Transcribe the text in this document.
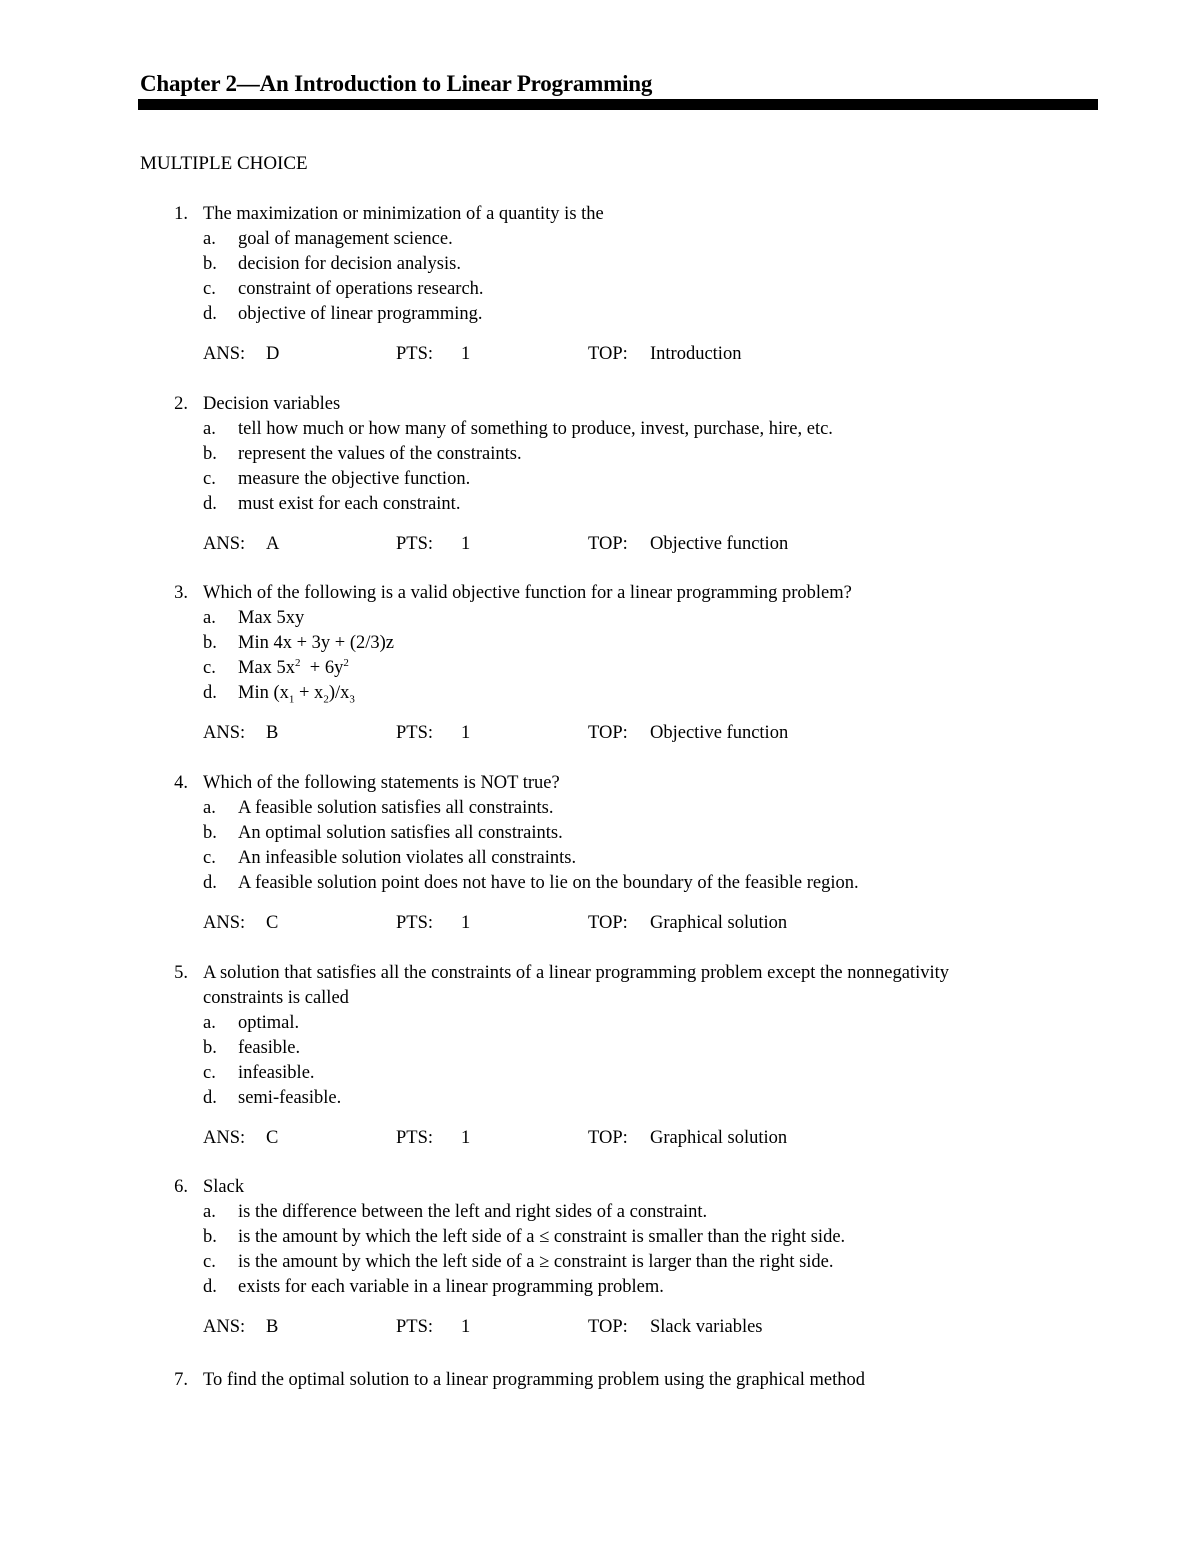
Chapter 2—An Introduction to Linear Programming
MULTIPLE CHOICE
1. The maximization or minimization of a quantity is the
a. goal of management science.
b. decision for decision analysis.
c. constraint of operations research.
d. objective of linear programming.
ANS: D	PTS: 1	TOP: Introduction
2. Decision variables
a. tell how much or how many of something to produce, invest, purchase, hire, etc.
b. represent the values of the constraints.
c. measure the objective function.
d. must exist for each constraint.
ANS: A	PTS: 1	TOP: Objective function
3. Which of the following is a valid objective function for a linear programming problem?
a. Max 5xy
b. Min 4x + 3y + (2/3)z
c. Max $5x^2 + 6y^2$
d. Min $(x_1 + x_2)/x_3$
ANS: B	PTS: 1	TOP: Objective function
4. Which of the following statements is NOT true?
a. A feasible solution satisfies all constraints.
b. An optimal solution satisfies all constraints.
c. An infeasible solution violates all constraints.
d. A feasible solution point does not have to lie on the boundary of the feasible region.
ANS: C	PTS: 1	TOP: Graphical solution
5. A solution that satisfies all the constraints of a linear programming problem except the nonnegativity
constraints is called
a. optimal.
b. feasible.
c. infeasible.
d. semi-feasible.
ANS: C	PTS: 1	TOP: Graphical solution
6. Slack
a. is the difference between the left and right sides of a constraint.
b. is the amount by which the left side of a ≤ constraint is smaller than the right side.
c. is the amount by which the left side of a ≥ constraint is larger than the right side.
d. exists for each variable in a linear programming problem.
ANS: B	PTS: 1	TOP: Slack variables
7. To find the optimal solution to a linear programming problem using the graphical method
